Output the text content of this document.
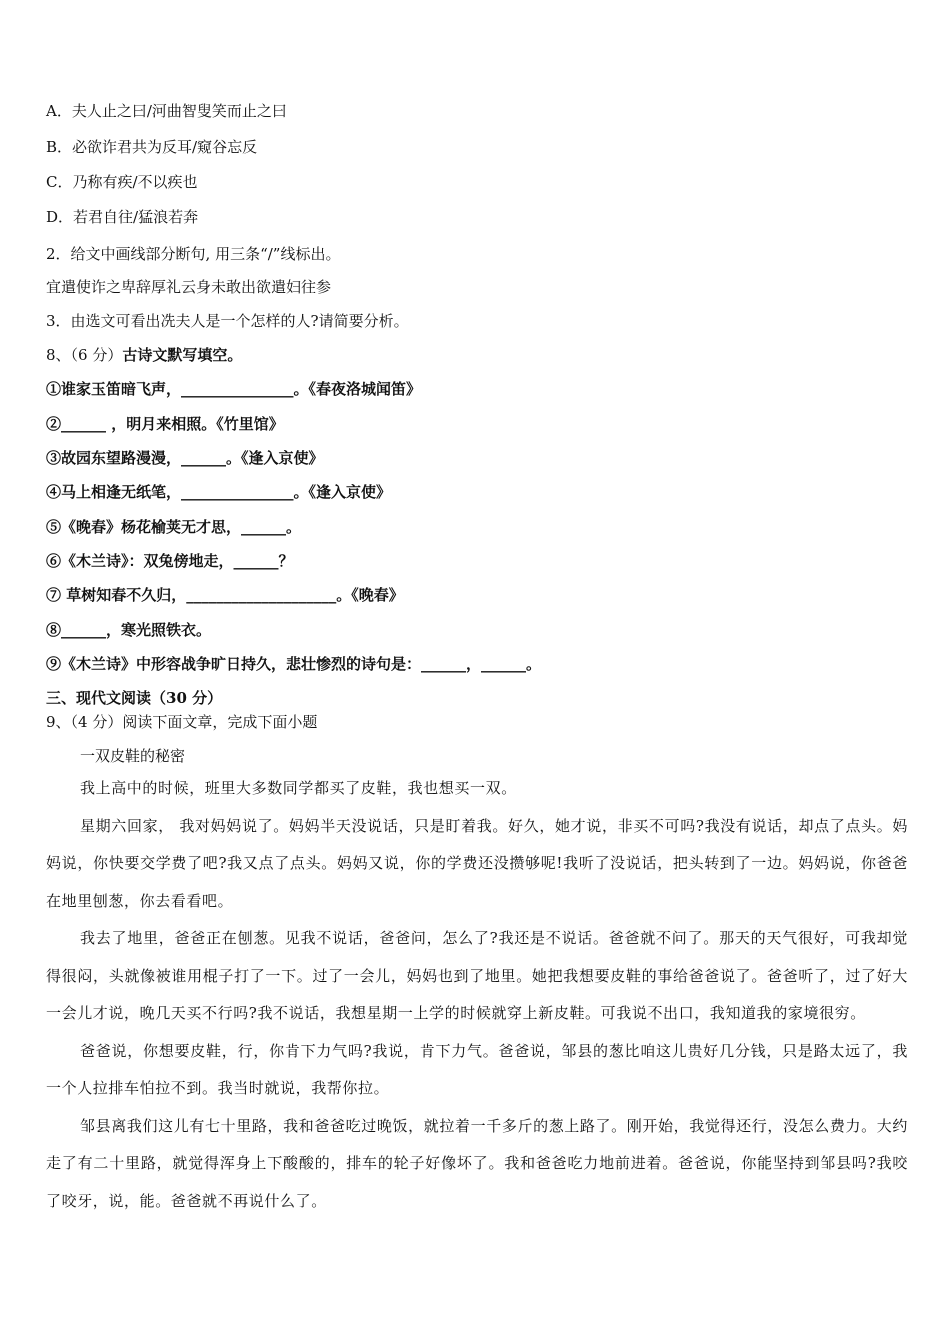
A．夫人止之曰/河曲智叟笑而止之曰
B．必欲诈君共为反耳/窥谷忘反
C．乃称有疾/不以疾也
D．若君自往/猛浪若奔
2．给文中画线部分断句, 用三条“/”线标出。
宜遣使诈之卑辞厚礼云身未敢出欲遣妇往参
3．由选文可看出冼夫人是一个怎样的人?请简要分析。
8、（6 分）古诗文默写填空。
①谁家玉笛暗飞声，_______________。《春夜洛城闻笛》
②______ ，明月来相照。《竹里馆》
③故园东望路漫漫，______。《逢入京使》
④马上相逢无纸笔，_______________。《逢入京使》
⑤《晚春》杨花榆荚无才思，______。
⑥《木兰诗》：双兔傍地走，______？
⑦ 草树知春不久归，____________________。《晚春》
⑧______，寒光照铁衣。
⑨《木兰诗》中形容战争旷日持久，悲壮惨烈的诗句是：______，______。
三、现代文阅读（30 分）
9、（4 分）阅读下面文章，完成下面小题
一双皮鞋的秘密

我上高中的时候，班里大多数同学都买了皮鞋，我也想买一双。

星期六回家， 我对妈妈说了。妈妈半天没说话，只是盯着我。好久，她才说，非买不可吗?我没有说话，却点了点头。妈妈说，你快要交学费了吧?我又点了点头。妈妈又说，你的学费还没攒够呢!我听了没说话，把头转到了一边。妈妈说，你爸爸在地里刨葱，你去看看吧。

我去了地里，爸爸正在刨葱。见我不说话，爸爸问，怎么了?我还是不说话。爸爸就不问了。那天的天气很好，可我却觉得很闷，头就像被谁用棍子打了一下。过了一会儿，妈妈也到了地里。她把我想要皮鞋的事给爸爸说了。爸爸听了，过了好大一会儿才说，晚几天买不行吗?我不说话，我想星期一上学的时候就穿上新皮鞋。可我说不出口，我知道我的家境很穷。

爸爸说，你想要皮鞋，行，你肯下力气吗?我说，肯下力气。爸爸说，邹县的葱比咱这儿贵好几分钱，只是路太远了，我一个人拉排车怕拉不到。我当时就说，我帮你拉。

邹县离我们这儿有七十里路，我和爸爸吃过晚饭，就拉着一千多斤的葱上路了。刚开始，我觉得还行，没怎么费力。大约走了有二十里路，就觉得浑身上下酸酸的，排车的轮子好像坏了。我和爸爸吃力地前进着。爸爸说，你能坚持到邹县吗?我咬了咬牙，说，能。爸爸就不再说什么了。
